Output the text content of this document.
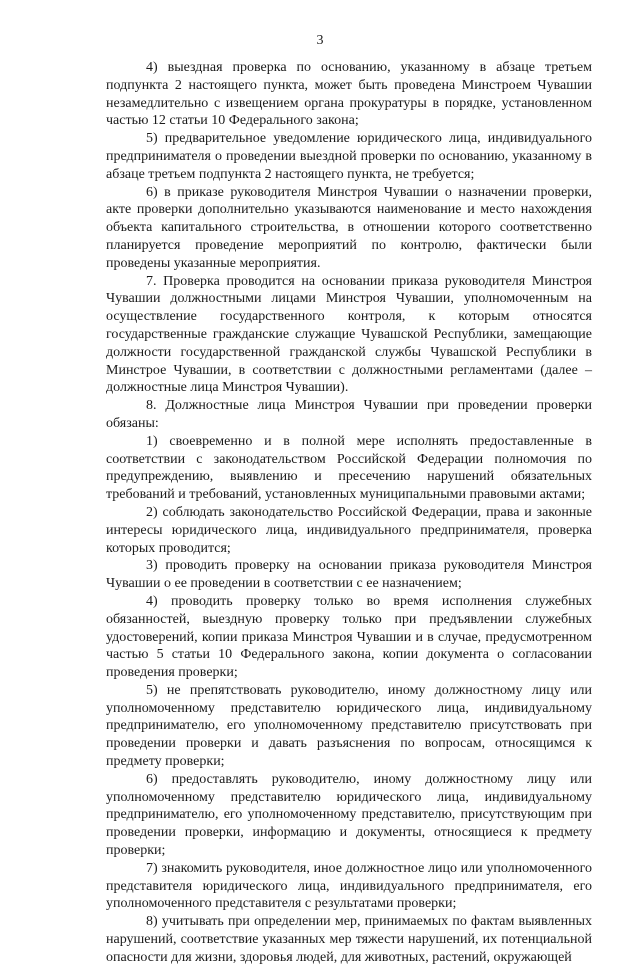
3

4) выездная проверка по основанию, указанному в абзаце третьем подпункта 2 настоящего пункта, может быть проведена Минстроем Чувашии незамедлительно с извещением органа прокуратуры в порядке, установленном частью 12 статьи 10 Федерального закона;

5) предварительное уведомление юридического лица, индивидуального предпринимателя о проведении выездной проверки по основанию, указанному в абзаце третьем подпункта 2 настоящего пункта, не требуется;

6) в приказе руководителя Минстроя Чувашии о назначении проверки, акте проверки дополнительно указываются наименование и место нахождения объекта капитального строительства, в отношении которого соответственно планируется проведение мероприятий по контролю, фактически были проведены указанные мероприятия.

7. Проверка проводится на основании приказа руководителя Минстроя Чувашии должностными лицами Минстроя Чувашии, уполномоченным на осуществление государственного контроля, к которым относятся государственные гражданские служащие Чувашской Республики, замещающие должности государственной гражданской службы Чувашской Республики в Минстрое Чувашии, в соответствии с должностными регламентами (далее – должностные лица Минстроя Чувашии).

8. Должностные лица Минстроя Чувашии при проведении проверки обязаны:

1) своевременно и в полной мере исполнять предоставленные в соответствии с законодательством Российской Федерации полномочия по предупреждению, выявлению и пресечению нарушений обязательных требований и требований, установленных муниципальными правовыми актами;

2) соблюдать законодательство Российской Федерации, права и законные интересы юридического лица, индивидуального предпринимателя, проверка которых проводится;

3) проводить проверку на основании приказа руководителя Минстроя Чувашии о ее проведении в соответствии с ее назначением;

4) проводить проверку только во время исполнения служебных обязанностей, выездную проверку только при предъявлении служебных удостоверений, копии приказа Минстроя Чувашии и в случае, предусмотренном частью 5 статьи 10 Федерального закона, копии документа о согласовании проведения проверки;

5) не препятствовать руководителю, иному должностному лицу или уполномоченному представителю юридического лица, индивидуальному предпринимателю, его уполномоченному представителю присутствовать при проведении проверки и давать разъяснения по вопросам, относящимся к предмету проверки;

6) предоставлять руководителю, иному должностному лицу или уполномоченному представителю юридического лица, индивидуальному предпринимателю, его уполномоченному представителю, присутствующим при проведении проверки, информацию и документы, относящиеся к предмету проверки;

7) знакомить руководителя, иное должностное лицо или уполномоченного представителя юридического лица, индивидуального предпринимателя, его уполномоченного представителя с результатами проверки;

8) учитывать при определении мер, принимаемых по фактам выявленных нарушений, соответствие указанных мер тяжести нарушений, их потенциальной опасности для жизни, здоровья людей, для животных, растений, окружающей
